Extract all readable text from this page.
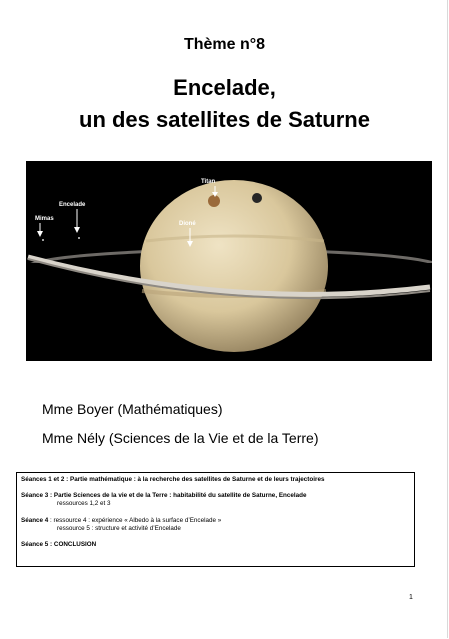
Thème n°8
Encelade,
un des satellites de Saturne
Titan
Encelade
Mimas
Dioné
Mme Boyer (Mathématiques)
Mme Nély (Sciences de la Vie et de la Terre)
Séances 1 et 2 : Partie mathématique : à la recherche des satellites de Saturne et de leurs trajectoires
Séance 3 : Partie Sciences de la vie et de la Terre : habitabilité du satellite de Saturne, Encelade
ressources 1,2 et 3
Séance 4 : ressource 4 : expérience « Albedo à la surface d’Encelade »
ressource 5 : structure et activité d’Encelade
Séance 5 : CONCLUSION
1
